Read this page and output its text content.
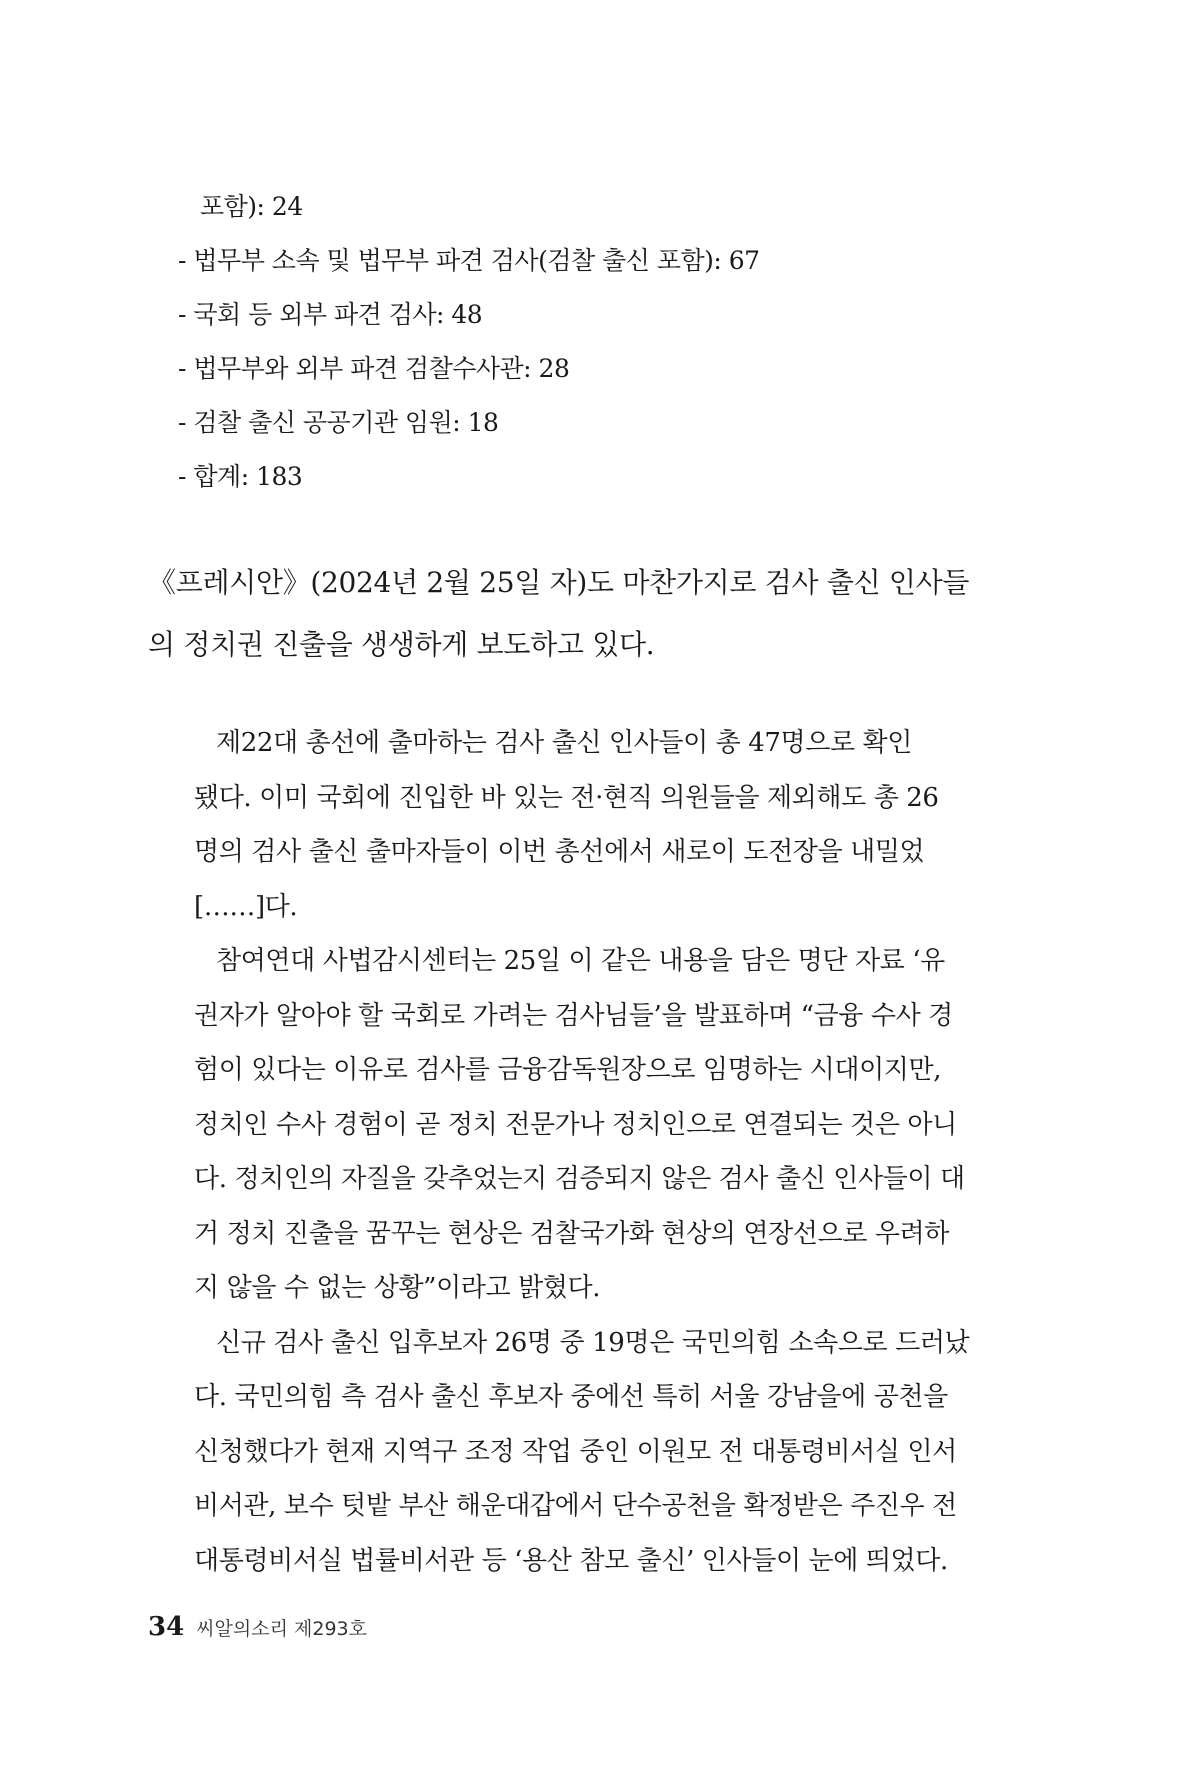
포함): 24
- 법무부 소속 및 법무부 파견 검사(검찰 출신 포함): 67
- 국회 등 외부 파견 검사: 48
- 법무부와 외부 파견 검찰수사관: 28
- 검찰 출신 공공기관 임원: 18
- 합계: 183
《프레시안》(2024년 2월 25일 자)도 마찬가지로 검사 출신 인사들
의 정치권 진출을 생생하게 보도하고 있다.
제22대 총선에 출마하는 검사 출신 인사들이 총 47명으로 확인
됐다. 이미 국회에 진입한 바 있는 전·현직 의원들을 제외해도 총 26
명의 검사 출신 출마자들이 이번 총선에서 새로이 도전장을 내밀었
[……]다.
참여연대 사법감시센터는 25일 이 같은 내용을 담은 명단 자료 ‘유
권자가 알아야 할 국회로 가려는 검사님들’을 발표하며 “금융 수사 경
험이 있다는 이유로 검사를 금융감독원장으로 임명하는 시대이지만,
정치인 수사 경험이 곧 정치 전문가나 정치인으로 연결되는 것은 아니
다. 정치인의 자질을 갖추었는지 검증되지 않은 검사 출신 인사들이 대
거 정치 진출을 꿈꾸는 현상은 검찰국가화 현상의 연장선으로 우려하
지 않을 수 없는 상황”이라고 밝혔다.
신규 검사 출신 입후보자 26명 중 19명은 국민의힘 소속으로 드러났
다. 국민의힘 측 검사 출신 후보자 중에선 특히 서울 강남을에 공천을
신청했다가 현재 지역구 조정 작업 중인 이원모 전 대통령비서실 인서
비서관, 보수 텃밭 부산 해운대갑에서 단수공천을 확정받은 주진우 전
대통령비서실 법률비서관 등 ‘용산 참모 출신’ 인사들이 눈에 띄었다.
34 씨알의소리 제293호
